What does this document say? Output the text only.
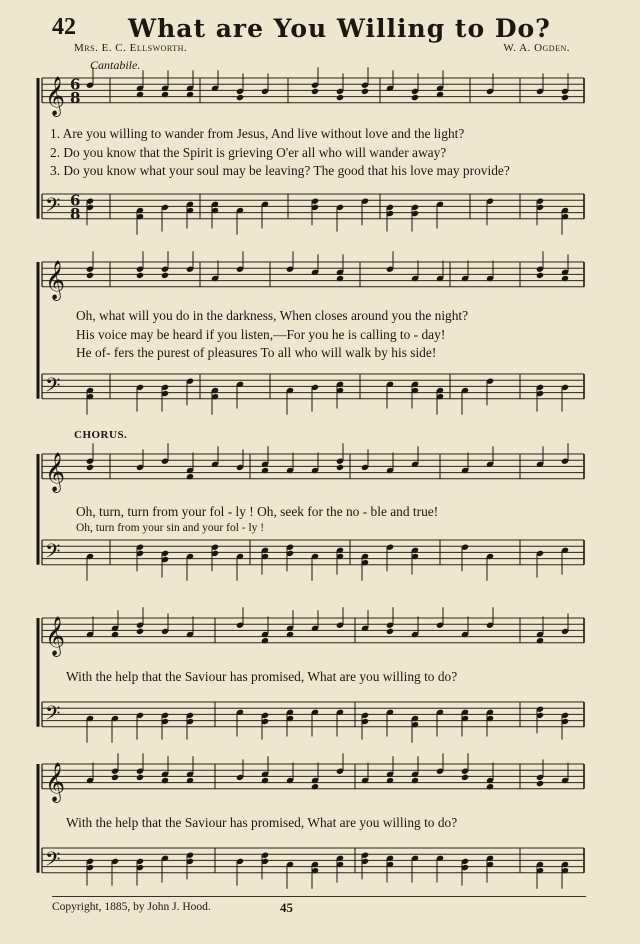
42 What are You Willing to Do?
Mrs. E. C. Ellsworth.	W. A. Ogden.
Cantabile.
𝄞
𝄢
𝄞
𝄢
𝄞
𝄢
𝄞
𝄢
𝄞
𝄢
6
8
6
8
1. Are you willing to wander from Jesus, And live without love and the light?
2. Do you know that the Spirit is grieving O'er all who will wander away?
3. Do you know what your soul may be leaving? The good that his love may provide?
Oh, what will you do in the darkness, When closes around you the night?
His voice may be heard if you listen,—For you he is calling to - day!
He of- fers the purest of pleasures To all who will walk by his side!
CHORUS.
Oh, turn, turn from your fol - ly ! Oh, seek for the no - ble and true!
Oh, turn from your sin and your fol - ly !
With the help that the Saviour has promised, What are you willing to do?
With the help that the Saviour has promised, What are you willing to do?
Copyright, 1885, by John J. Hood.	45
